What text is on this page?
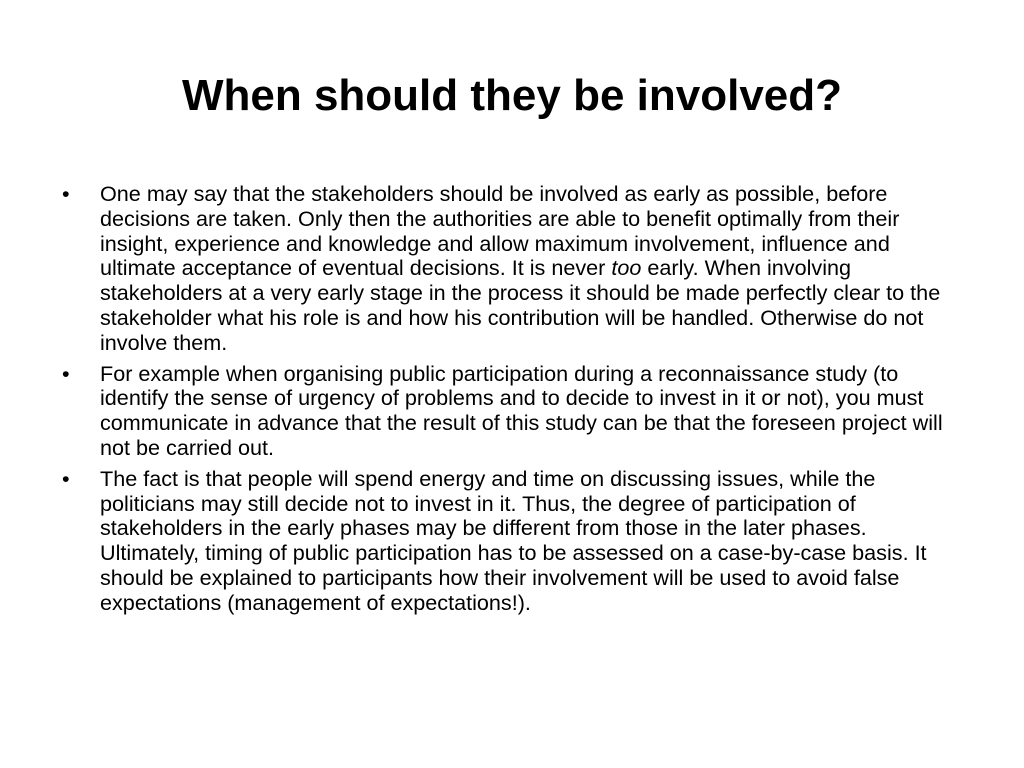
When should they be involved?
• One may say that the stakeholders should be involved as early as possible, before decisions are taken. Only then the authorities are able to benefit optimally from their insight, experience and knowledge and allow maximum involvement, influence and ultimate acceptance of eventual decisions. It is never too early. When involving stakeholders at a very early stage in the process it should be made perfectly clear to the stakeholder what his role is and how his contribution will be handled. Otherwise do not involve them.
• For example when organising public participation during a reconnaissance study (to identify the sense of urgency of problems and to decide to invest in it or not), you must communicate in advance that the result of this study can be that the foreseen project will not be carried out.
• The fact is that people will spend energy and time on discussing issues, while the politicians may still decide not to invest in it. Thus, the degree of participation of stakeholders in the early phases may be different from those in the later phases. Ultimately, timing of public participation has to be assessed on a case-by-case basis. It should be explained to participants how their involvement will be used to avoid false expectations (management of expectations!).
